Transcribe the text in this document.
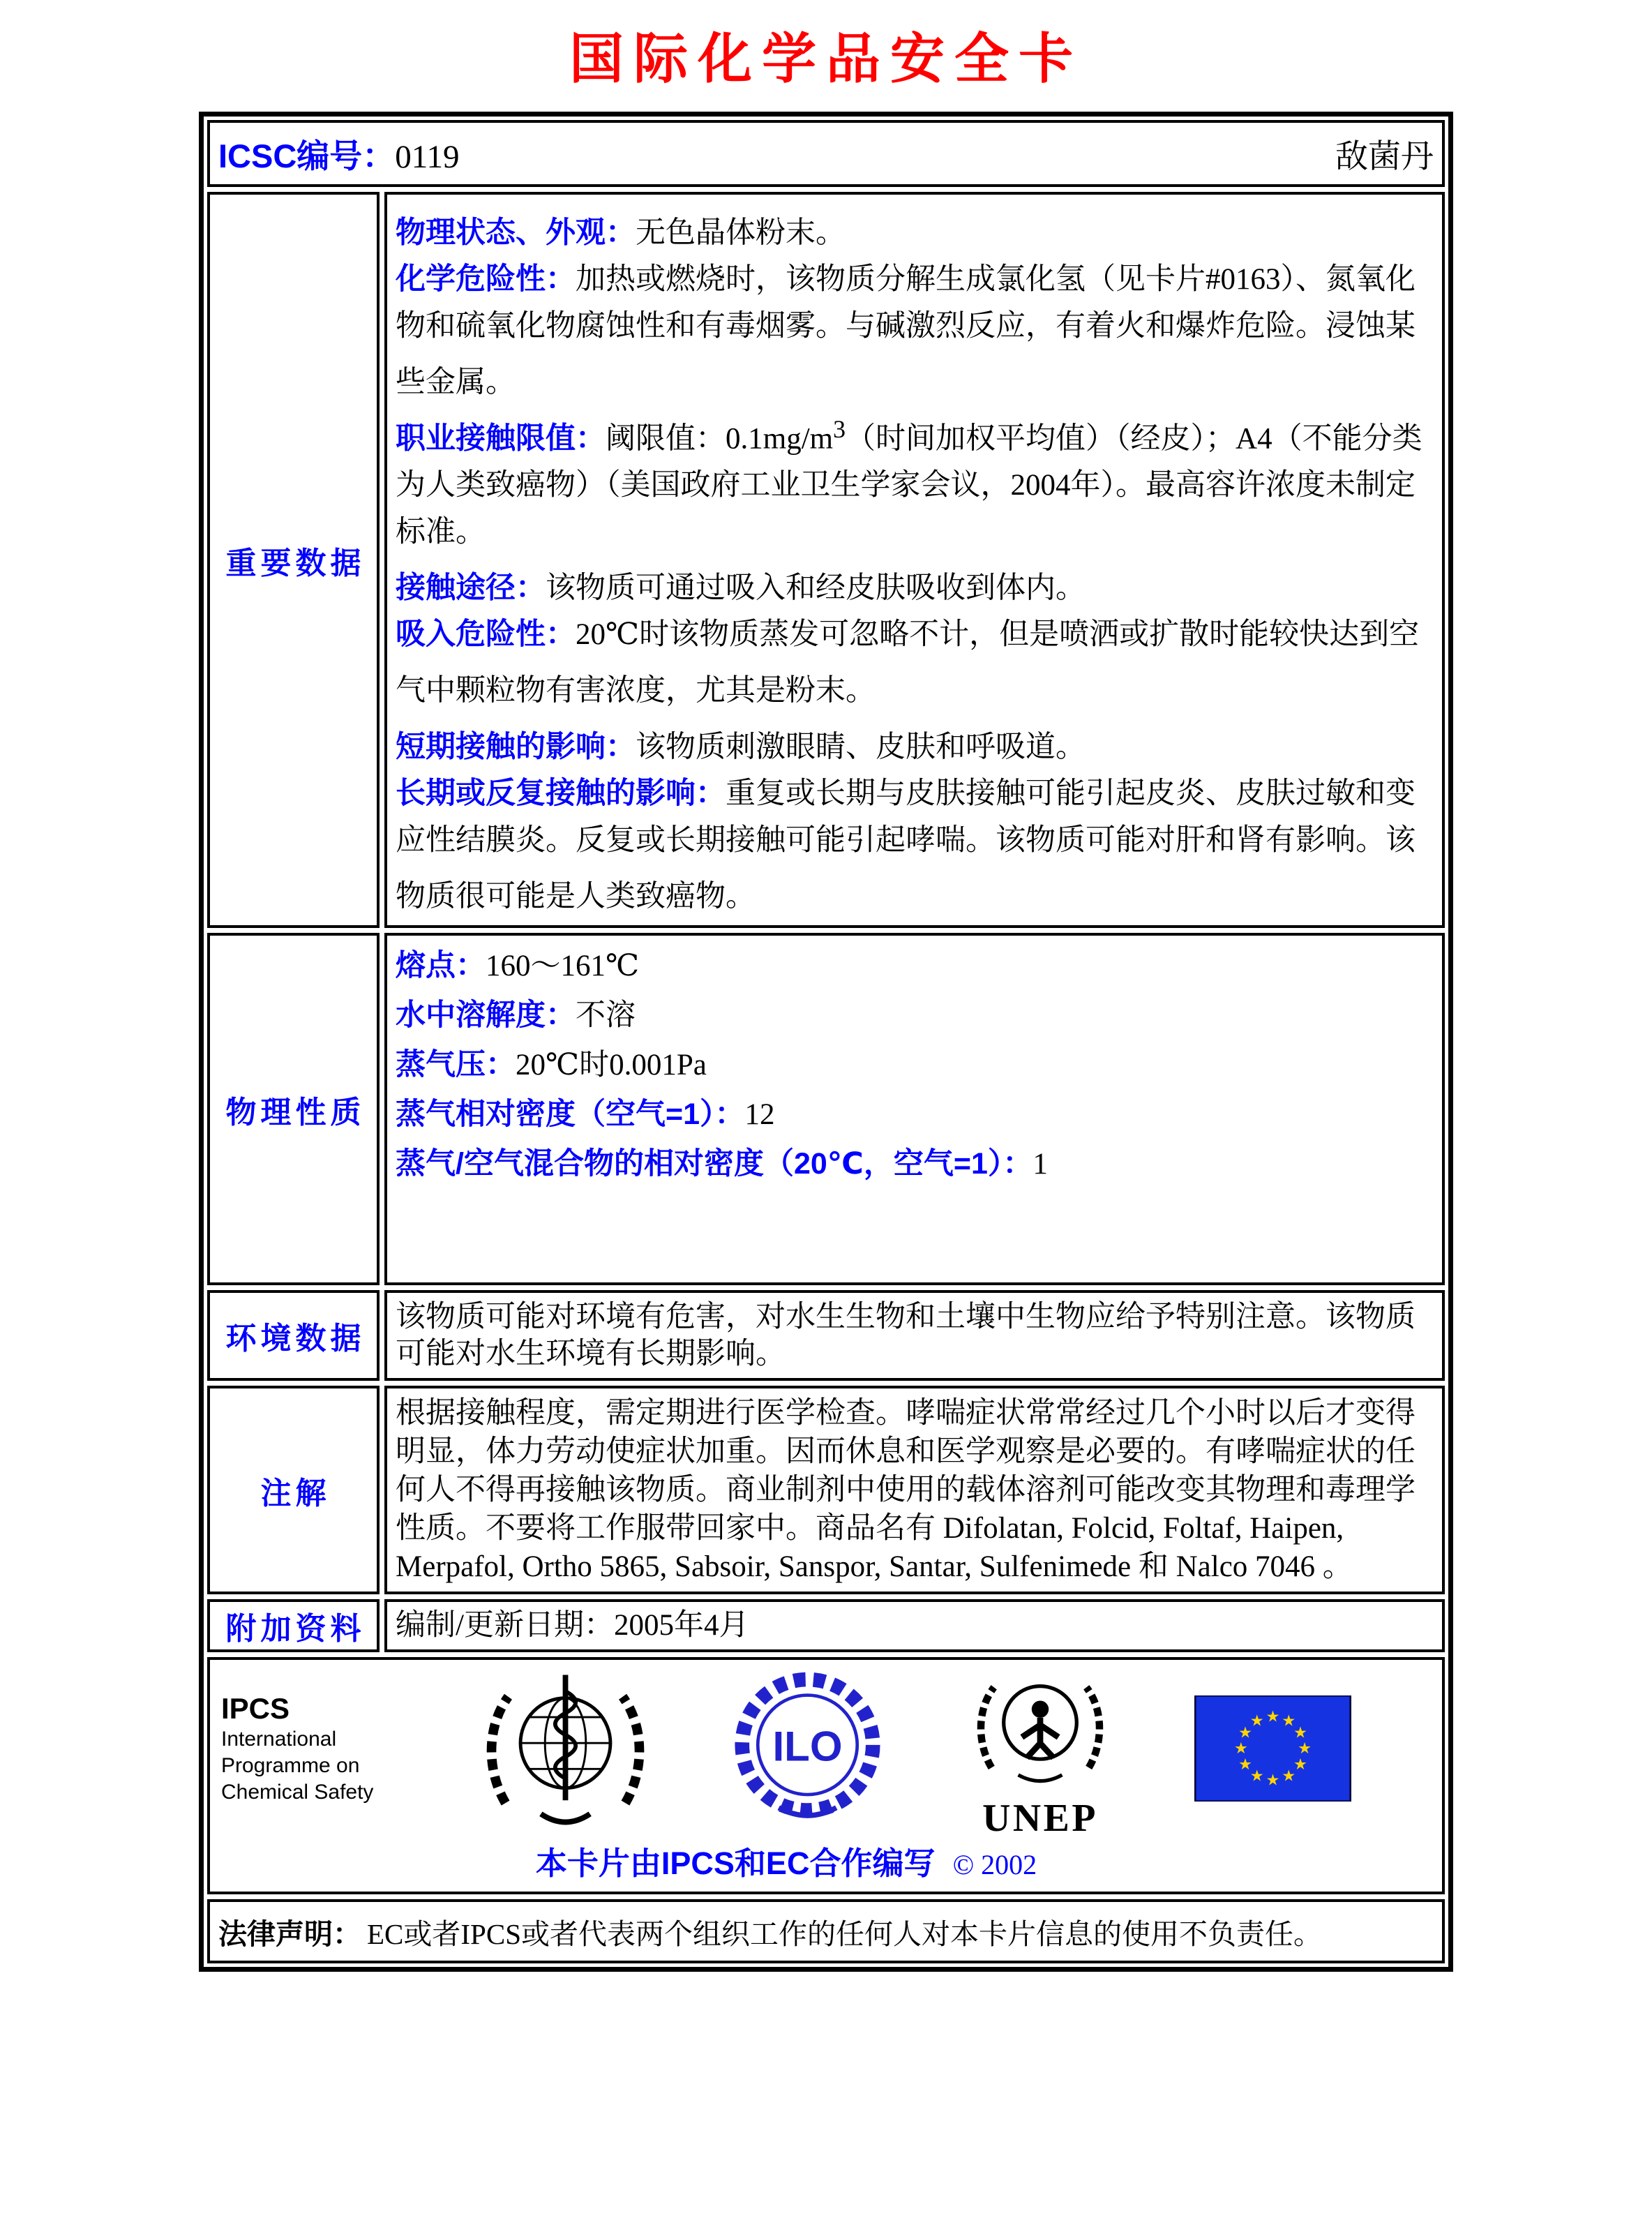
国际化学品安全卡
ICSC编号：0119	敌菌丹
重要数据

物理状态、外观：无色晶体粉末。

化学危险性：加热或燃烧时，该物质分解生成氯化氢（见卡片#0163）、氮氧化物和硫氧化物腐蚀性和有毒烟雾。与碱激烈反应，有着火和爆炸危险。浸蚀某些金属。

职业接触限值：阈限值：$0.1mg/m^3$（时间加权平均值）（经皮）；A4（不能分类为人类致癌物）（美国政府工业卫生学家会议，2004年）。最高容许浓度未制定标准。

接触途径：该物质可通过吸入和经皮肤吸收到体内。

吸入危险性：20℃时该物质蒸发可忽略不计，但是喷洒或扩散时能较快达到空气中颗粒物有害浓度，尤其是粉末。

短期接触的影响：该物质刺激眼睛、皮肤和呼吸道。

长期或反复接触的影响：重复或长期与皮肤接触可能引起皮炎、皮肤过敏和变应性结膜炎。反复或长期接触可能引起哮喘。该物质可能对肝和肾有影响。该物质很可能是人类致癌物。

物理性质

熔点：160～161℃

水中溶解度：不溶

蒸气压：20℃时0.001Pa

蒸气相对密度（空气=1）：12

蒸气/空气混合物的相对密度（20℃，空气=1）：1

环境数据

该物质可能对环境有危害，对水生生物和土壤中生物应给予特别注意。该物质可能对水生环境有长期影响。

注解

根据接触程度，需定期进行医学检查。哮喘症状常常经过几个小时以后才变得明显，体力劳动使症状加重。因而休息和医学观察是必要的。有哮喘症状的任何人不得再接触该物质。商业制剂中使用的载体溶剂可能改变其物理和毒理学性质。不要将工作服带回家中。商品名有 Difolatan, Folcid, Foltaf, Haipen, Merpafol, Ortho 5865, Sabsoir, Sanspor, Santar, Sulfenimede 和 Nalco 7046 。

附加资料	编制/更新日期：2005年4月

IPCS
International
Programme on
Chemical Safety
ILO
UNEP
★ ★
★
★
★
★
★
★
★
★
★
★
本卡片由IPCS和EC合作编写 © 2002
法律声明： EC或者IPCS或者代表两个组织工作的任何人对本卡片信息的使用不负责任。
